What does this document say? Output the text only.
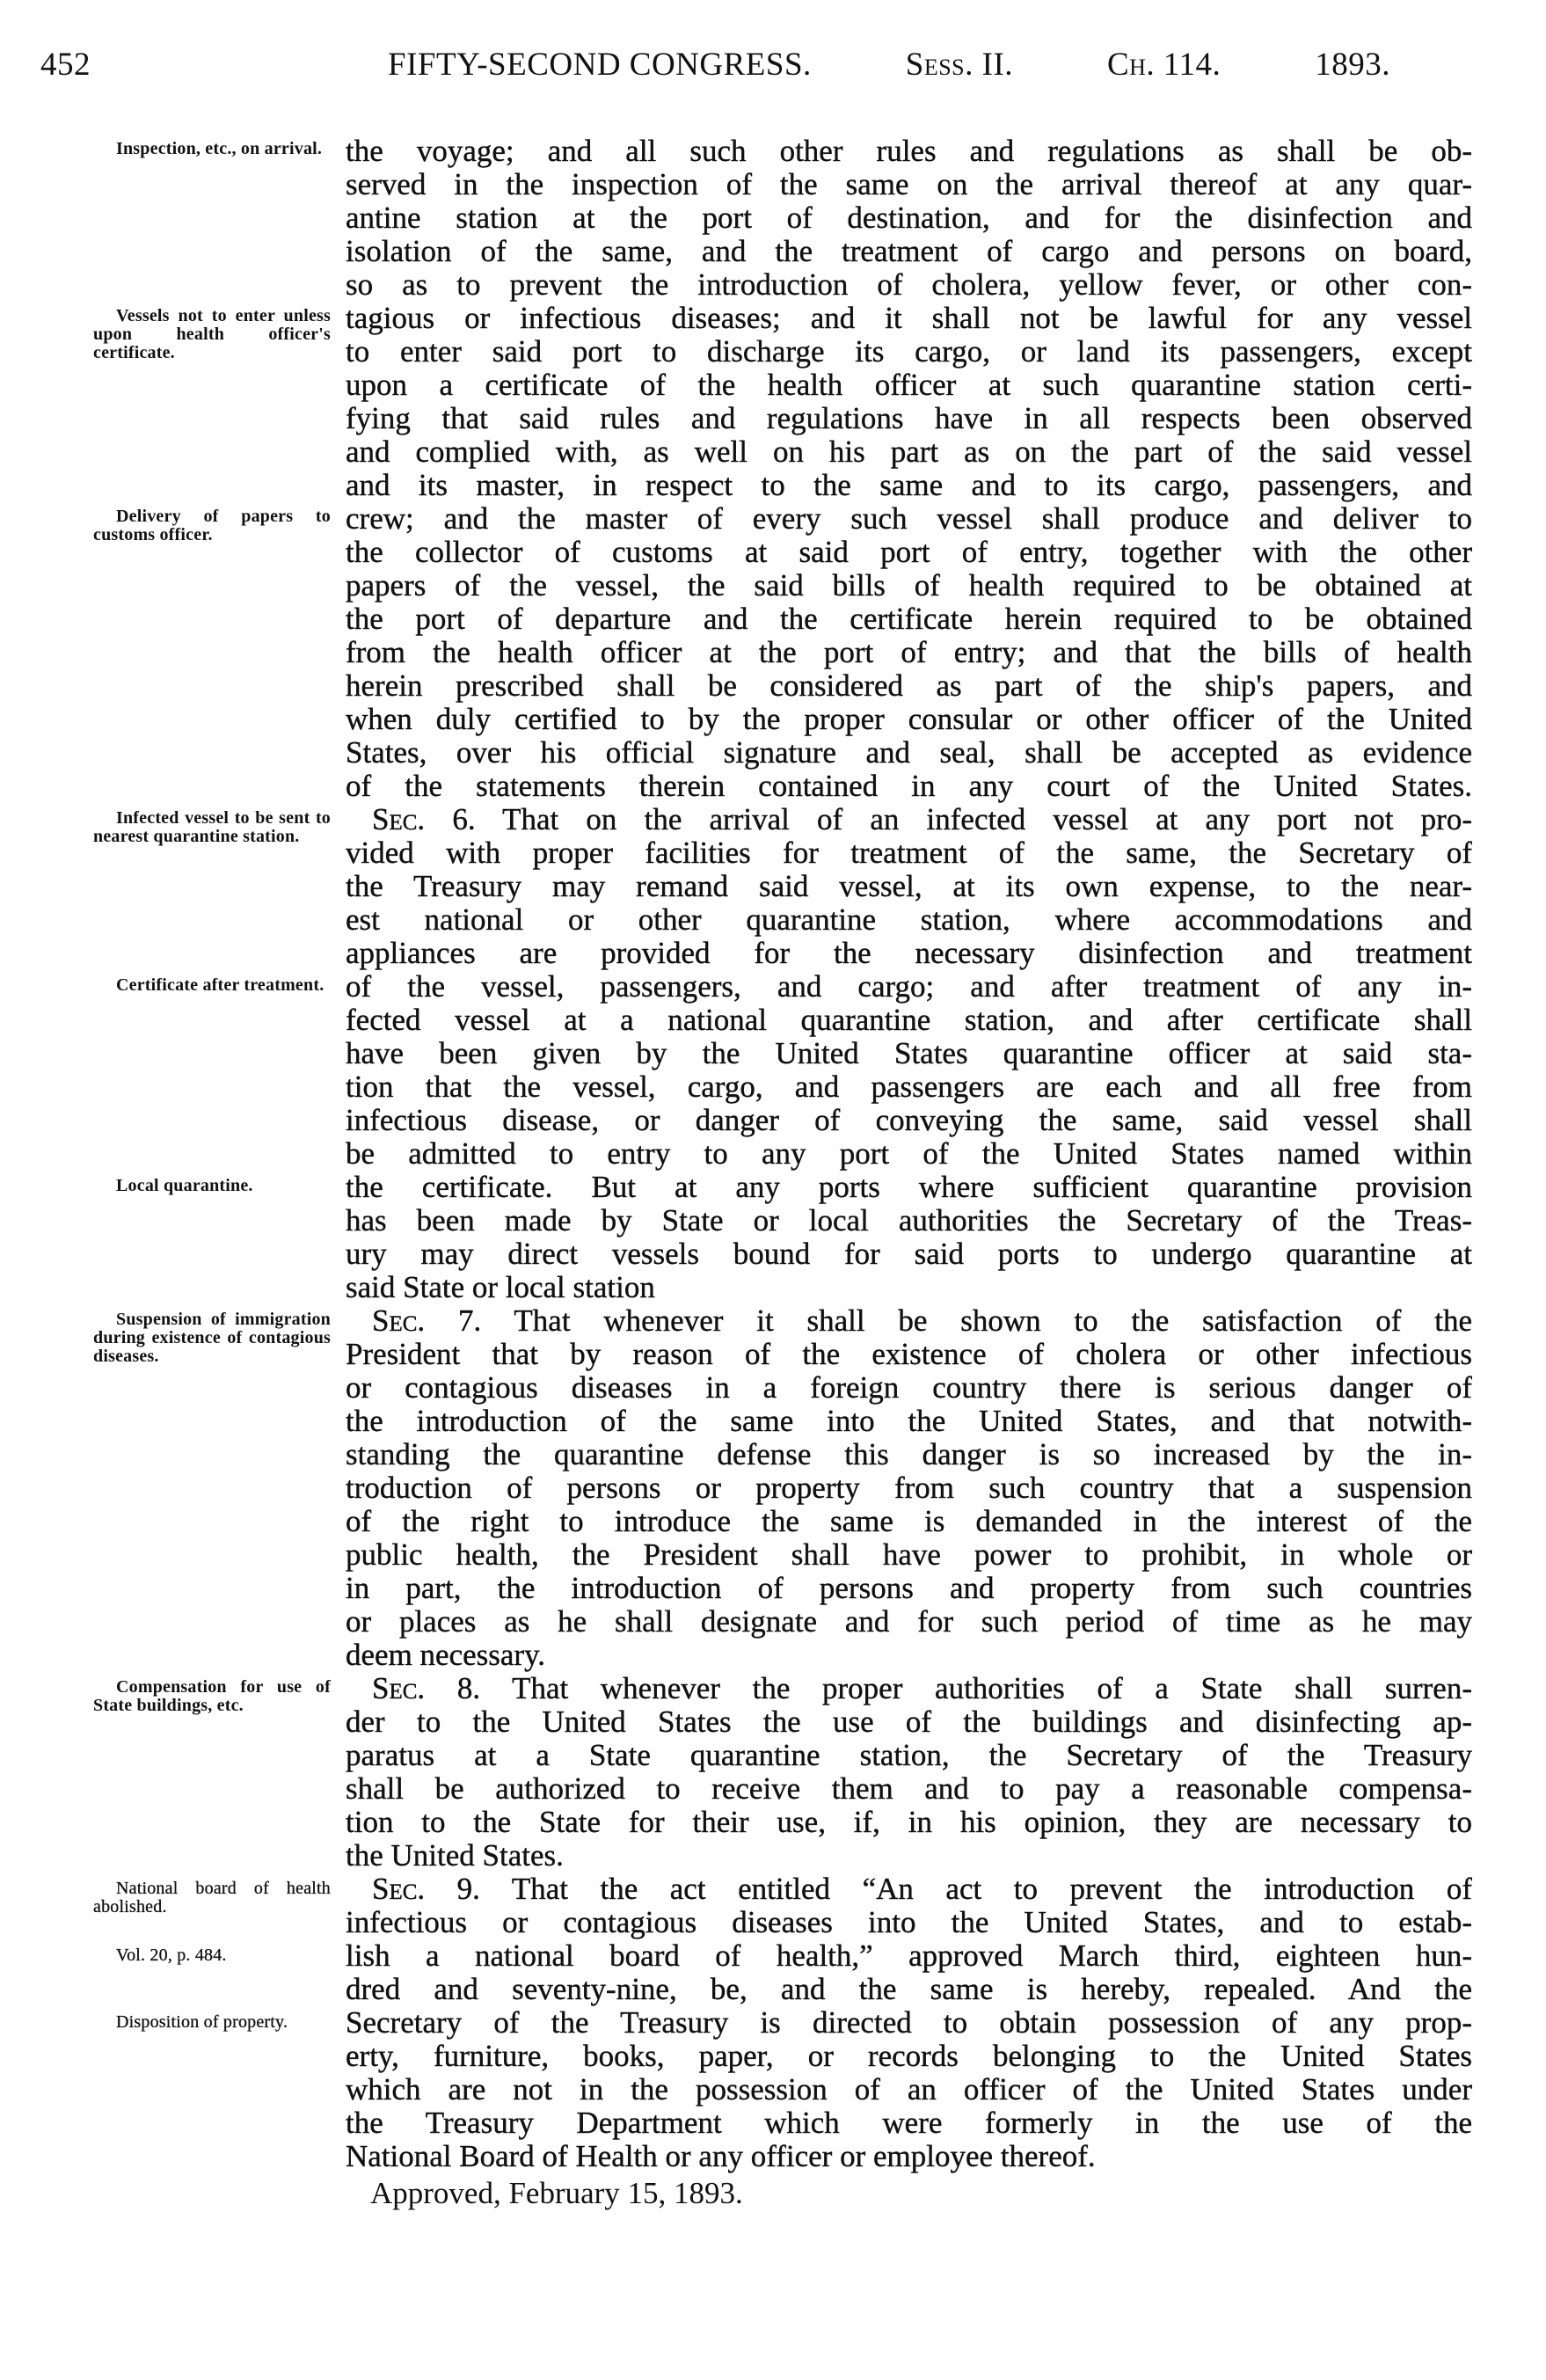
452	FIFTY-SECOND CONGRESS.	Sess. II.	Ch. 114.	1893.
Inspection, etc., on arrival.
Vessels not to enter unless upon health officer's certificate.
Delivery of papers to customs officer.
Infected vessel to be sent to nearest quarantine station.
Certificate after treatment.
Local quarantine.
Suspension of immigration during existence of contagious diseases.
Compensation for use of State buildings, etc.
National board of health abolished.
Vol. 20, p. 484.
Disposition of property.
the voyage; and all such other rules and regulations as shall be ob-
served in the inspection of the same on the arrival thereof at any quar-
antine station at the port of destination, and for the disinfection and
isolation of the same, and the treatment of cargo and persons on board,
so as to prevent the introduction of cholera, yellow fever, or other con-
tagious or infectious diseases; and it shall not be lawful for any vessel
to enter said port to discharge its cargo, or land its passengers, except
upon a certificate of the health officer at such quarantine station certi-
fying that said rules and regulations have in all respects been observed
and complied with, as well on his part as on the part of the said vessel
and its master, in respect to the same and to its cargo, passengers, and
crew; and the master of every such vessel shall produce and deliver to
the collector of customs at said port of entry, together with the other
papers of the vessel, the said bills of health required to be obtained at
the port of departure and the certificate herein required to be obtained
from the health officer at the port of entry; and that the bills of health
herein prescribed shall be considered as part of the ship's papers, and
when duly certified to by the proper consular or other officer of the United
States, over his official signature and seal, shall be accepted as evidence
of the statements therein contained in any court of the United States.
Sec. 6. That on the arrival of an infected vessel at any port not pro-
vided with proper facilities for treatment of the same, the Secretary of
the Treasury may remand said vessel, at its own expense, to the near-
est national or other quarantine station, where accommodations and
appliances are provided for the necessary disinfection and treatment
of the vessel, passengers, and cargo; and after treatment of any in-
fected vessel at a national quarantine station, and after certificate shall
have been given by the United States quarantine officer at said sta-
tion that the vessel, cargo, and passengers are each and all free from
infectious disease, or danger of conveying the same, said vessel shall
be admitted to entry to any port of the United States named within
the certificate. But at any ports where sufficient quarantine provision
has been made by State or local authorities the Secretary of the Treas-
ury may direct vessels bound for said ports to undergo quarantine at
said State or local station
Sec. 7. That whenever it shall be shown to the satisfaction of the
President that by reason of the existence of cholera or other infectious
or contagious diseases in a foreign country there is serious danger of
the introduction of the same into the United States, and that notwith-
standing the quarantine defense this danger is so increased by the in-
troduction of persons or property from such country that a suspension
of the right to introduce the same is demanded in the interest of the
public health, the President shall have power to prohibit, in whole or
in part, the introduction of persons and property from such countries
or places as he shall designate and for such period of time as he may
deem necessary.
Sec. 8. That whenever the proper authorities of a State shall surren-
der to the United States the use of the buildings and disinfecting ap-
paratus at a State quarantine station, the Secretary of the Treasury
shall be authorized to receive them and to pay a reasonable compensa-
tion to the State for their use, if, in his opinion, they are necessary to
the United States.
Sec. 9. That the act entitled “An act to prevent the introduction of
infectious or contagious diseases into the United States, and to estab-
lish a national board of health,” approved March third, eighteen hun-
dred and seventy-nine, be, and the same is hereby, repealed. And the
Secretary of the Treasury is directed to obtain possession of any prop-
erty, furniture, books, paper, or records belonging to the United States
which are not in the possession of an officer of the United States under
the Treasury Department which were formerly in the use of the
National Board of Health or any officer or employee thereof.
Approved, February 15, 1893.
